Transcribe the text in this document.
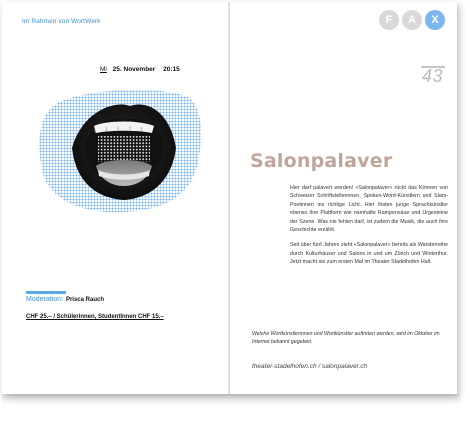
Im Rahmen von WortWerk
Mi 25. November 20:15
Moderation: Prisca Rauch
CHF 25.– / Schülerinnen, StudentInnen CHF 15.–
F	A	X
43
Salonpalaver

Hier darf palavert werden! «Salonpalaver» rückt das Können von Schweizer Schriftstellerinnen, Spoken-Word-Künstlern und Slam-Poetinnen ins richtige Licht. Hier finden junge Sprachkünstler ebenso ihre Plattform wie namhafte Rampensäue und Urgesteine der Szene. Was nie fehlen darf, ist zudem die Musik, die auch ihre Geschichte erzählt.

Seit über fünf Jahren zieht «Salonpalaver» bereits als Wanderreihe durch Kulturhäuser und Salons in und um Zürich und Winterthur. Jetzt macht sie zum ersten Mal im Theater Stadelhofen Halt.

Welche Wortkünstlerinnen und Wortkünstler auftreten werden, wird im Oktober im Internet bekannt gegeben.
theater-stadelhofen.ch / salonpalaver.ch
